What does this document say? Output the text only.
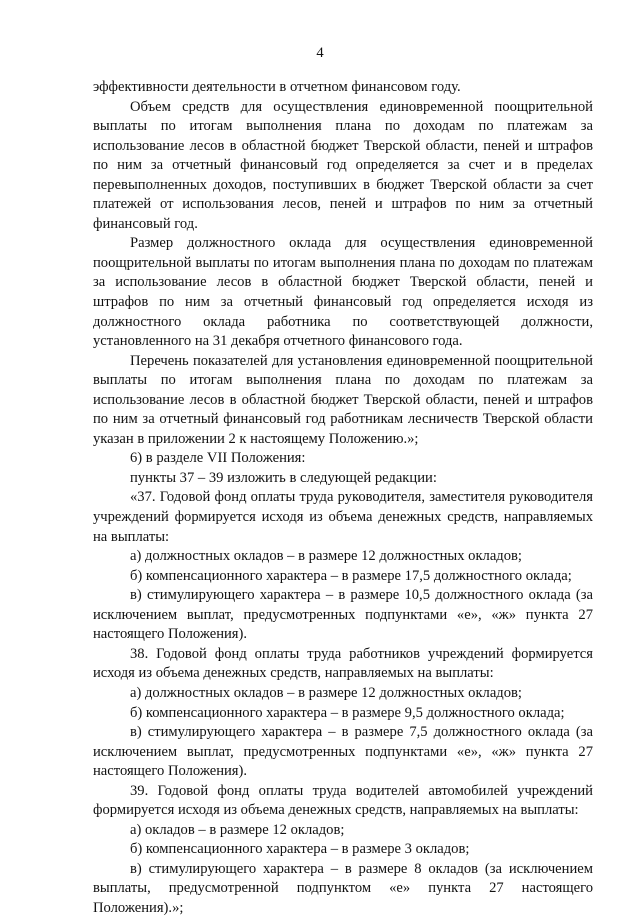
4

эффективности деятельности в отчетном финансовом году.

Объем средств для осуществления единовременной поощрительной выплаты по итогам выполнения плана по доходам по платежам за использование лесов в областной бюджет Тверской области, пеней и штрафов по ним за отчетный финансовый год определяется за счет и в пределах перевыполненных доходов, поступивших в бюджет Тверской области за счет платежей от использования лесов, пеней и штрафов по ним за отчетный финансовый год.

Размер должностного оклада для осуществления единовременной поощрительной выплаты по итогам выполнения плана по доходам по платежам за использование лесов в областной бюджет Тверской области, пеней и штрафов по ним за отчетный финансовый год определяется исходя из должностного оклада работника по соответствующей должности, установленного на 31 декабря отчетного финансового года.

Перечень показателей для установления единовременной поощрительной выплаты по итогам выполнения плана по доходам по платежам за использование лесов в областной бюджет Тверской области, пеней и штрафов по ним за отчетный финансовый год работникам лесничеств Тверской области указан в приложении 2 к настоящему Положению.»;

6) в разделе VII Положения:

пункты 37 – 39 изложить в следующей редакции:

«37. Годовой фонд оплаты труда руководителя, заместителя руководителя учреждений формируется исходя из объема денежных средств, направляемых на выплаты:

а) должностных окладов – в размере 12 должностных окладов;

б) компенсационного характера – в размере 17,5 должностного оклада;

в) стимулирующего характера – в размере 10,5 должностного оклада (за исключением выплат, предусмотренных подпунктами «е», «ж» пункта 27 настоящего Положения).

38. Годовой фонд оплаты труда работников учреждений формируется исходя из объема денежных средств, направляемых на выплаты:

а) должностных окладов – в размере 12 должностных окладов;

б) компенсационного характера – в размере 9,5 должностного оклада;

в) стимулирующего характера – в размере 7,5 должностного оклада (за исключением выплат, предусмотренных подпунктами «е», «ж» пункта 27 настоящего Положения).

39. Годовой фонд оплаты труда водителей автомобилей учреждений формируется исходя из объема денежных средств, направляемых на выплаты:

а) окладов – в размере 12 окладов;

б) компенсационного характера – в размере 3 окладов;

в) стимулирующего характера – в размере 8 окладов (за исключением выплаты, предусмотренной подпунктом «е» пункта 27 настоящего Положения).»;
